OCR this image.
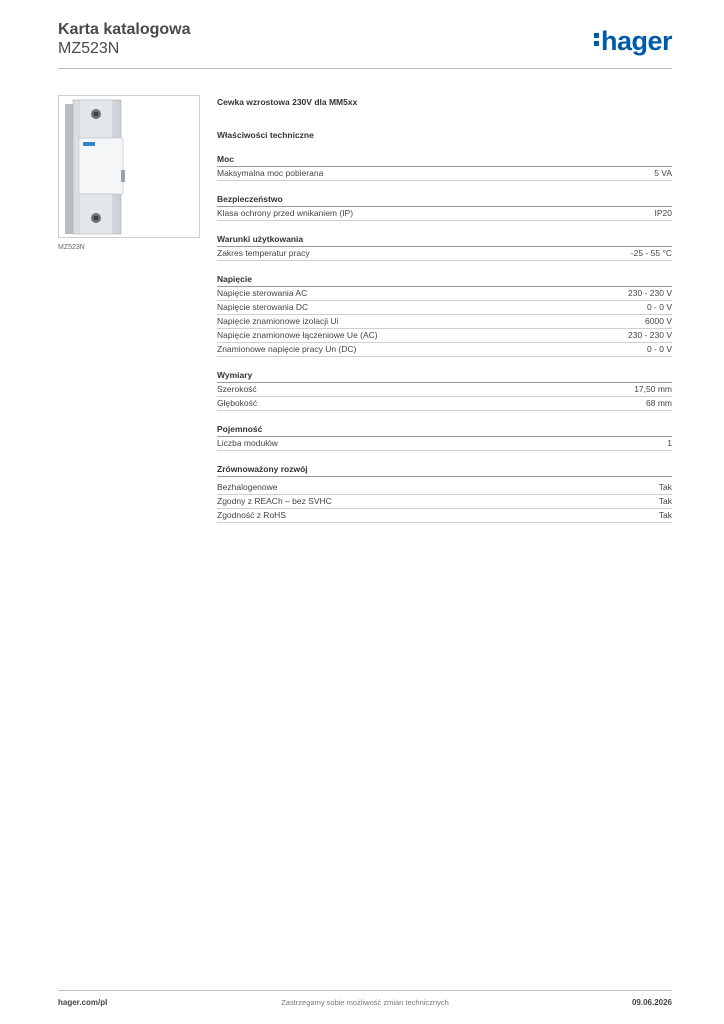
Karta katalogowa
MZ523N	hager
MZ523N
Cewka wzrostowa 230V dla MM5xx
Właściwości techniczne
Moc
Maksymalna moc pobierana	5 VA
Bezpieczeństwo
Klasa ochrony przed wnikaniem (IP)	IP20
Warunki użytkowania
Zakres temperatur pracy	-25 - 55 °C
Napięcie
Napięcie sterowania AC	230 - 230 V
Napięcie sterowania DC	0 - 0 V
Napięcie znamionowe izolacji Ui	6000 V
Napięcie znamionowe łączeniowe Ue (AC)	230 - 230 V
Znamionowe napięcie pracy Un (DC)	0 - 0 V
Wymiary
Szerokość	17,50 mm
Głębokość	68 mm
Pojemność
Liczba modułów	1
Zrównoważony rozwój
Bezhalogenowe	Tak
Zgodny z REACh – bez SVHC	Tak
Zgodność z RoHS	Tak
hager.com/pl	Zastrzegamy sobie możliwość zmian technicznych	09.06.2026
